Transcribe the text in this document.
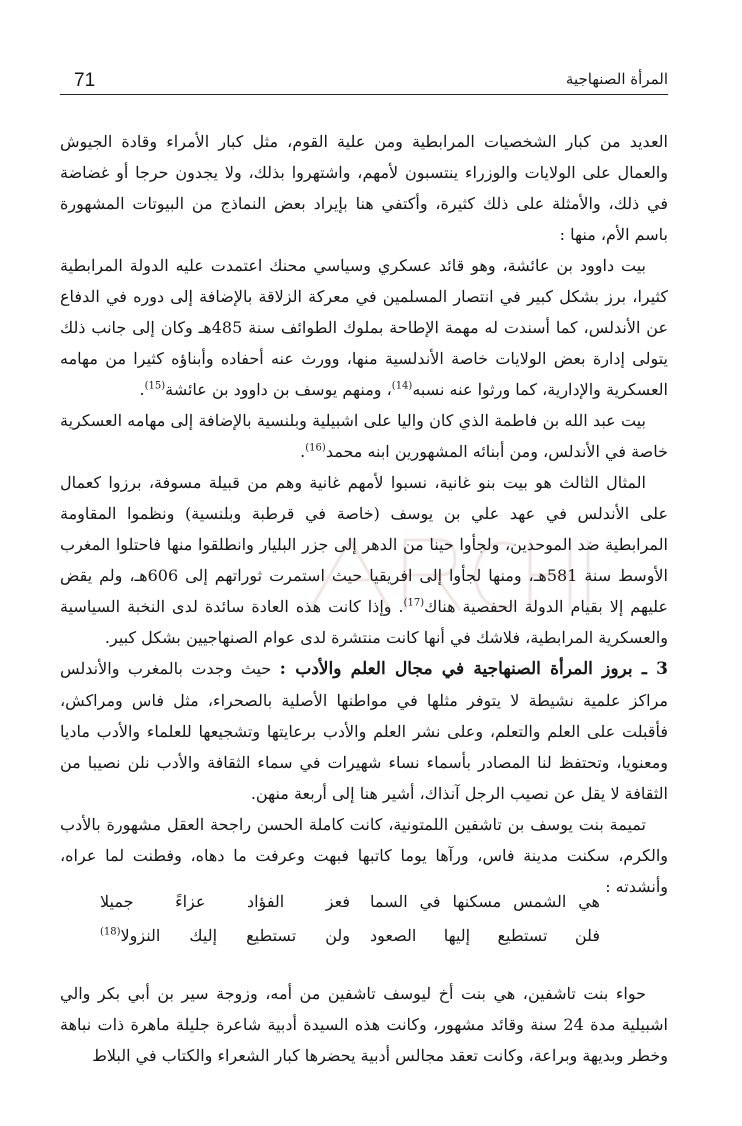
71	المرأة الصنهاجية

العديد من كبار الشخصيات المرابطية ومن علية القوم، مثل كبار الأمراء وقادة الجيوش والعمال على الولايات والوزراء ينتسبون لأمهم، واشتهروا بذلك، ولا يجدون حرجا أو غضاضة في ذلك، والأمثلة على ذلك كثيرة، وأكتفي هنا بإيراد بعض النماذج من البيوتات المشهورة باسم الأم، منها :

بيت داوود بن عائشة، وهو قائد عسكري وسياسي محنك اعتمدت عليه الدولة المرابطية كثيرا، برز بشكل كبير في انتصار المسلمين في معركة الزلاقة بالإضافة إلى دوره في الدفاع عن الأندلس، كما أسندت له مهمة الإطاحة بملوك الطوائف سنة 485هـ وكان إلى جانب ذلك يتولى إدارة بعض الولايات خاصة الأندلسية منها، وورث عنه أحفاده وأبناؤه كثيرا من مهامه العسكرية والإدارية، كما ورثوا عنه نسبه$^{(14)}$، ومنهم يوسف بن داوود بن عائشة$^{(15)}$.

بيت عبد الله بن فاطمة الذي كان واليا على اشبيلية وبلنسية بالإضافة إلى مهامه العسكرية خاصة في الأندلس، ومن أبنائه المشهورين ابنه محمد$^{(16)}$.

المثال الثالث هو بيت بنو غانية، نسبوا لأمهم غانية وهم من قبيلة مسوفة، برزوا كعمال على الأندلس في عهد علي بن يوسف (خاصة في قرطبة وبلنسية) ونظموا المقاومة المرابطية ضد الموحدين، ولجأوا حينا من الدهر إلى جزر البليار وانطلقوا منها فاحتلوا المغرب الأوسط سنة 581هـ، ومنها لجأوا إلى افريقيا حيث استمرت ثوراتهم إلى 606هـ، ولم يقض عليهم إلا بقيام الدولة الحفصية هناك$^{(17)}$. وإذا كانت هذه العادة سائدة لدى النخبة السياسية والعسكرية المرابطية، فلاشك في أنها كانت منتشرة لدى عوام الصنهاجيين بشكل كبير.

3 ـ بروز المرأة الصنهاجية في مجال العلم والأدب : حيث وجدت بالمغرب والأندلس مراكز علمية نشيطة لا يتوفر مثلها في مواطنها الأصلية بالصحراء، مثل فاس ومراكش، فأقبلت على العلم والتعلم، وعلى نشر العلم والأدب برعايتها وتشجيعها للعلماء والأدب ماديا ومعنويا، وتحتفظ لنا المصادر بأسماء نساء شهيرات في سماء الثقافة والأدب نلن نصيبا من الثقافة لا يقل عن نصيب الرجل آنذاك، أشير هنا إلى أربعة منهن.

تميمة بنت يوسف بن تاشفين اللمتونية، كانت كاملة الحسن راجحة العقل مشهورة بالأدب والكرم، سكنت مدينة فاس، ورآها يوما كاتبها فبهت وعرفت ما دهاه، وفطنت لما عراه، وأنشدته :

هي الشمس مسكنها في السما
فعز الفؤاد عزاءً جميلا
فلن تستطيع إليها الصعود
ولن تستطيع إليك النزولا$^{(18)}$

حواء بنت تاشفين، هي بنت أخ ليوسف تاشفين من أمه، وزوجة سير بن أبي بكر والي اشبيلية مدة 24 سنة وقائد مشهور، وكانت هذه السيدة أدبية شاعرة جليلة ماهرة ذات نباهة وخطر وبديهة وبراعة، وكانت تعقد مجالس أدبية يحضرها كبار الشعراء والكتاب في البلاط
